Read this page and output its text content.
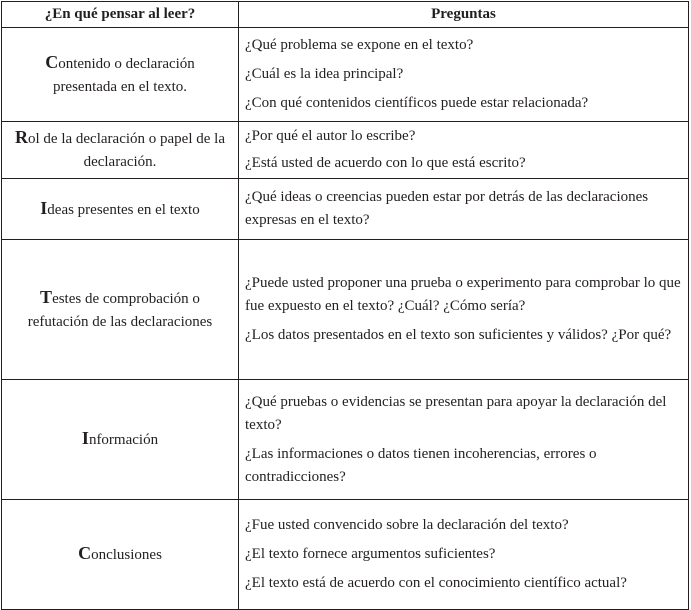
¿En qué pensar al leer?	Preguntas
Contenido o declaración presentada en el texto.	¿Qué problema se expone en el texto?
¿Cuál es la idea principal?
¿Con qué contenidos científicos puede estar relacionada?

Rol de la declaración o papel de la declaración.	¿Por qué el autor lo escribe?
¿Está usted de acuerdo con lo que está escrito?

Ideas presentes en el texto	¿Qué ideas o creencias pueden estar por detrás de las declaraciones expresas en el texto?

Testes de comprobación o refutación de las declaraciones	¿Puede usted proponer una prueba o experimento para comprobar lo que fue expuesto en el texto? ¿Cuál? ¿Cómo sería?
¿Los datos presentados en el texto son suficientes y válidos? ¿Por qué?

Información	¿Qué pruebas o evidencias se presentan para apoyar la declaración del texto?
¿Las informaciones o datos tienen incoherencias, errores o contradicciones?

Conclusiones	¿Fue usted convencido sobre la declaración del texto?
¿El texto fornece argumentos suficientes?
¿El texto está de acuerdo con el conocimiento científico actual?
